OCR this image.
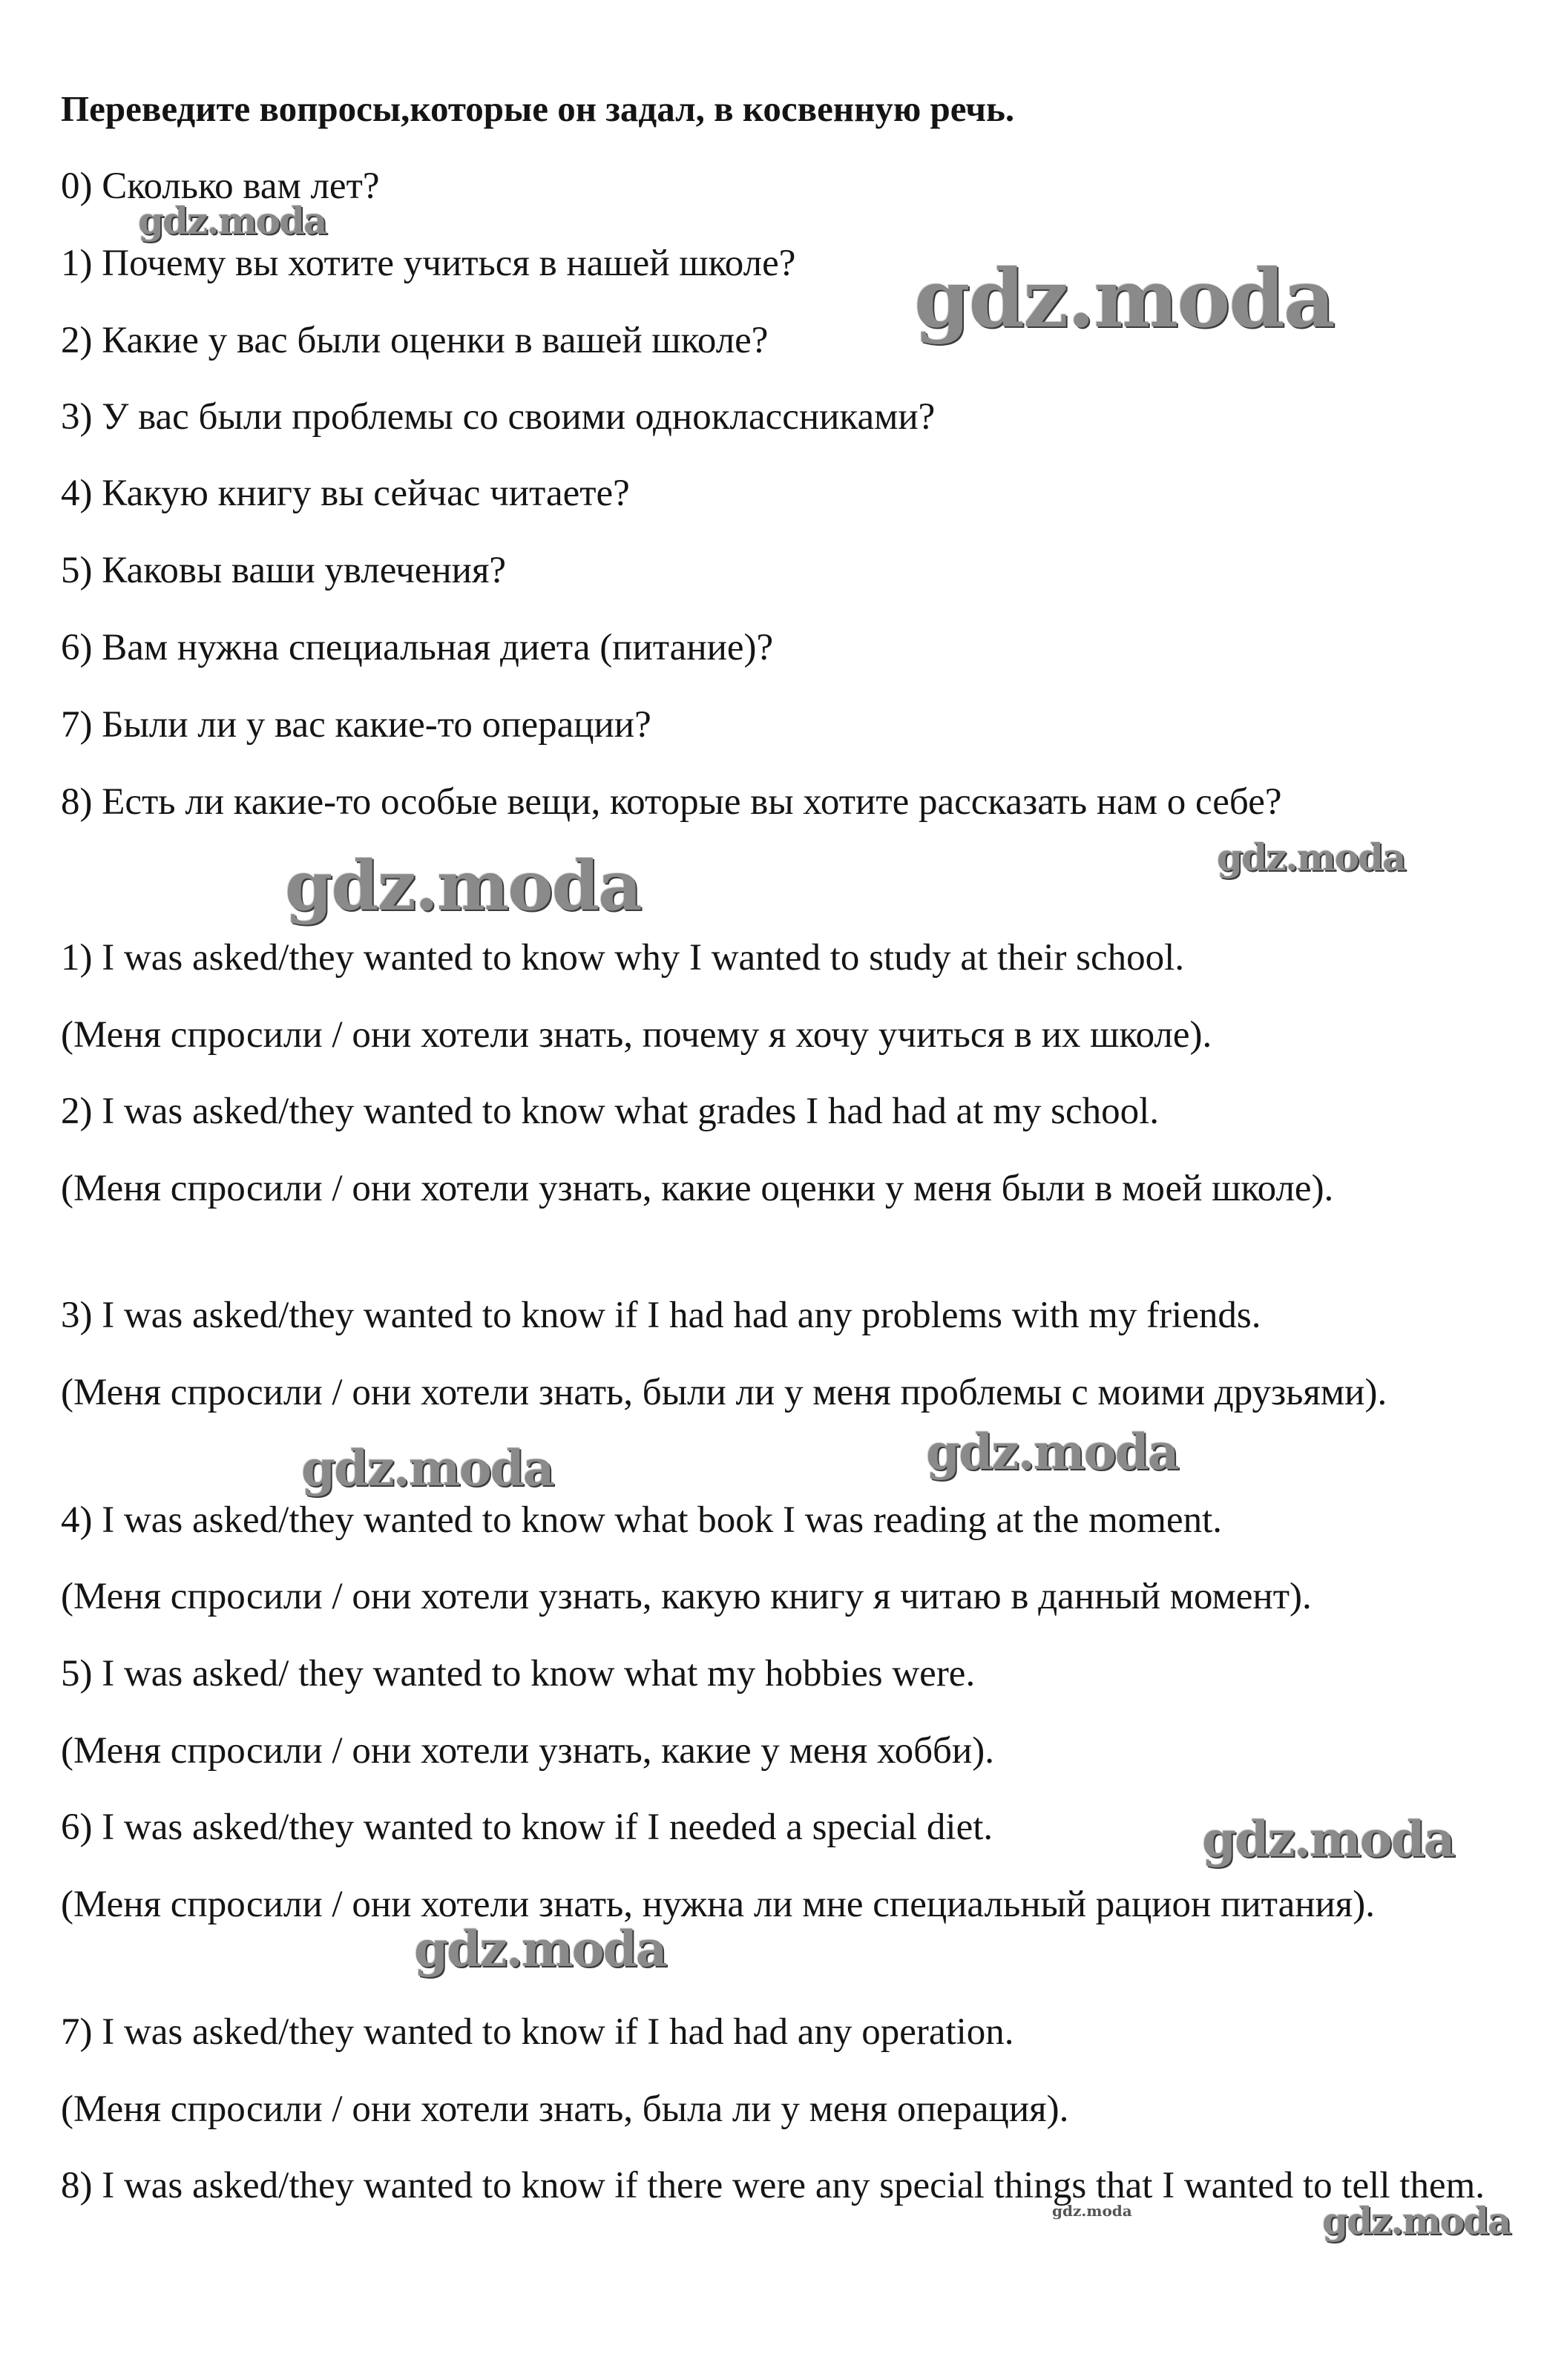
Переведите вопросы,которые он задал, в косвенную речь.
0) Сколько вам лет?
1) Почему вы хотите учиться в нашей школе?
2) Какие у вас были оценки в вашей школе?
3) У вас были проблемы со своими одноклассниками?
4) Какую книгу вы сейчас читаете?
5) Каковы ваши увлечения?
6) Вам нужна специальная диета (питание)?
7) Были ли у вас какие-то операции?
8) Есть ли какие-то особые вещи, которые вы хотите рассказать нам о себе?
1) I was asked/they wanted to know why I wanted to study at their school.
(Меня спросили / они хотели знать, почему я хочу учиться в их школе).
2) I was asked/they wanted to know what grades I had had at my school.
(Меня спросили / они хотели узнать, какие оценки у меня были в моей школе).
3) I was asked/they wanted to know if I had had any problems with my friends.
(Меня спросили / они хотели знать, были ли у меня проблемы с моими друзьями).
4) I was asked/they wanted to know what book I was reading at the moment.
(Меня спросили / они хотели узнать, какую книгу я читаю в данный момент).
5) I was asked/ they wanted to know what my hobbies were.
(Меня спросили / они хотели узнать, какие у меня хобби).
6) I was asked/they wanted to know if I needed a special diet.
(Меня спросили / они хотели знать, нужна ли мне специальный рацион питания).
7) I was asked/they wanted to know if I had had any operation.
(Меня спросили / они хотели знать, была ли у меня операция).
8) I was asked/they wanted to know if there were any special things that I wanted to tell them.
gdz.moda
gdz.moda
gdz.moda	gdz.moda
gdz.moda	gdz.moda
gdz.moda
gdz.moda
gdz.moda	gdz.moda
